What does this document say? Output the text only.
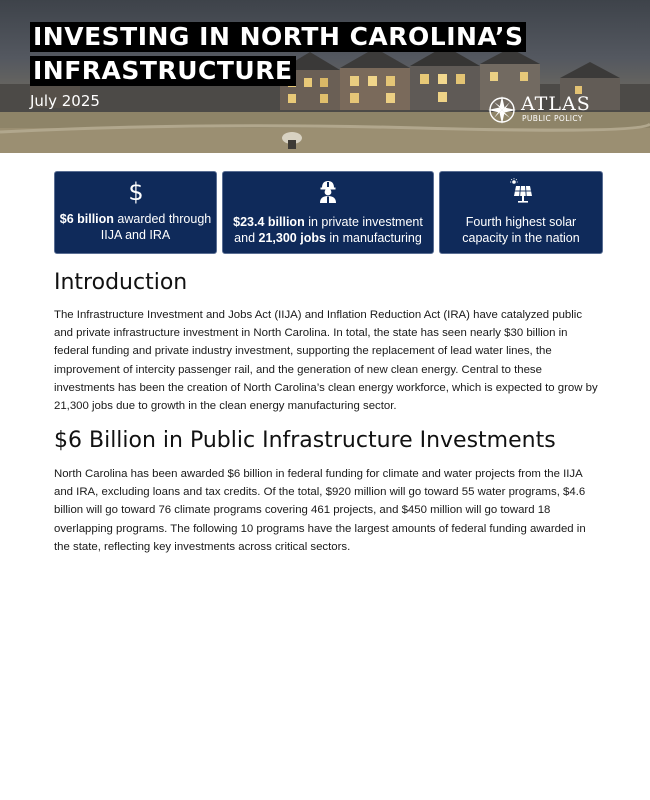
INVESTING IN NORTH CAROLINA’S
INFRASTRUCTURE
July 2025	ATLAS
PUBLIC POLICY
$
$6 billion awarded through IIJA and IRA
$23.4 billion in private investment and 21,300 jobs in manufacturing
Fourth highest solar capacity in the nation
Introduction

The Infrastructure Investment and Jobs Act (IIJA) and Inflation Reduction Act (IRA) have catalyzed public and private infrastructure investment in North Carolina. In total, the state has seen nearly $30 billion in federal funding and private industry investment, supporting the replacement of lead water lines, the improvement of intercity passenger rail, and the generation of new clean energy. Central to these investments has been the creation of North Carolina’s clean energy workforce, which is expected to grow by 21,300 jobs due to growth in the clean energy manufacturing sector.

$6 Billion in Public Infrastructure Investments

North Carolina has been awarded $6 billion in federal funding for climate and water projects from the IIJA and IRA, excluding loans and tax credits. Of the total, $920 million will go toward 55 water programs, $4.6 billion will go toward 76 climate programs covering 461 projects, and $450 million will go toward 18 overlapping programs. The following 10 programs have the largest amounts of federal funding awarded in the state, reflecting key investments across critical sectors.
